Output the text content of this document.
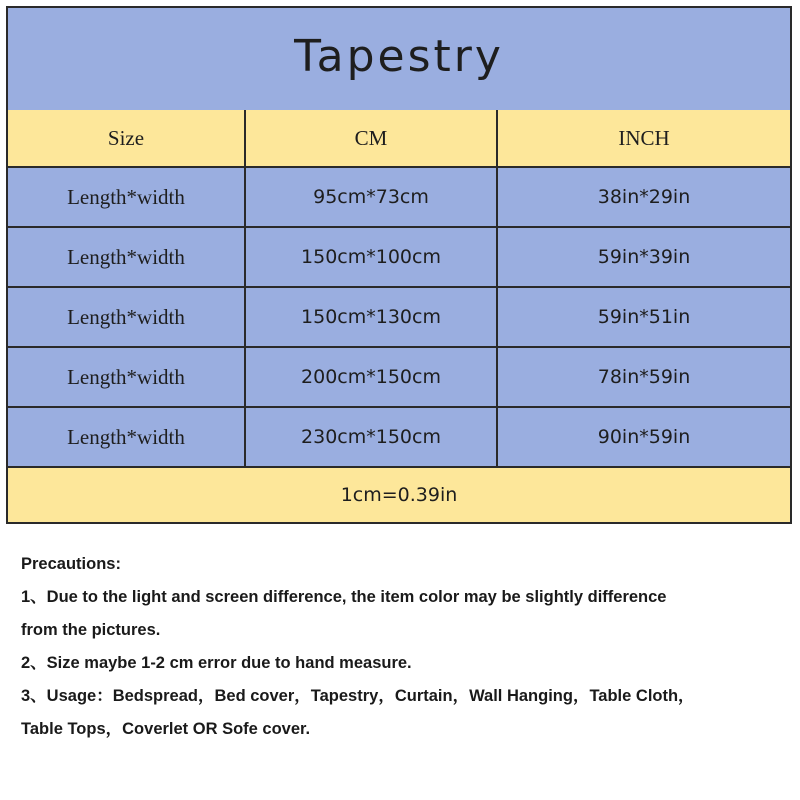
Tapestry
Size	CM	INCH
Length*width	95cm*73cm	38in*29in
Length*width	150cm*100cm	59in*39in
Length*width	150cm*130cm	59in*51in
Length*width	200cm*150cm	78in*59in
Length*width	230cm*150cm	90in*59in
1cm=0.39in
Precautions:
1、Due to the light and screen difference, the item color may be slightly difference
from the pictures.
2、Size maybe 1-2 cm error due to hand measure.
3、Usage：Bedspread，Bed cover，Tapestry，Curtain，Wall Hanging，Table Cloth，
Table Tops，Coverlet OR Sofe cover.
